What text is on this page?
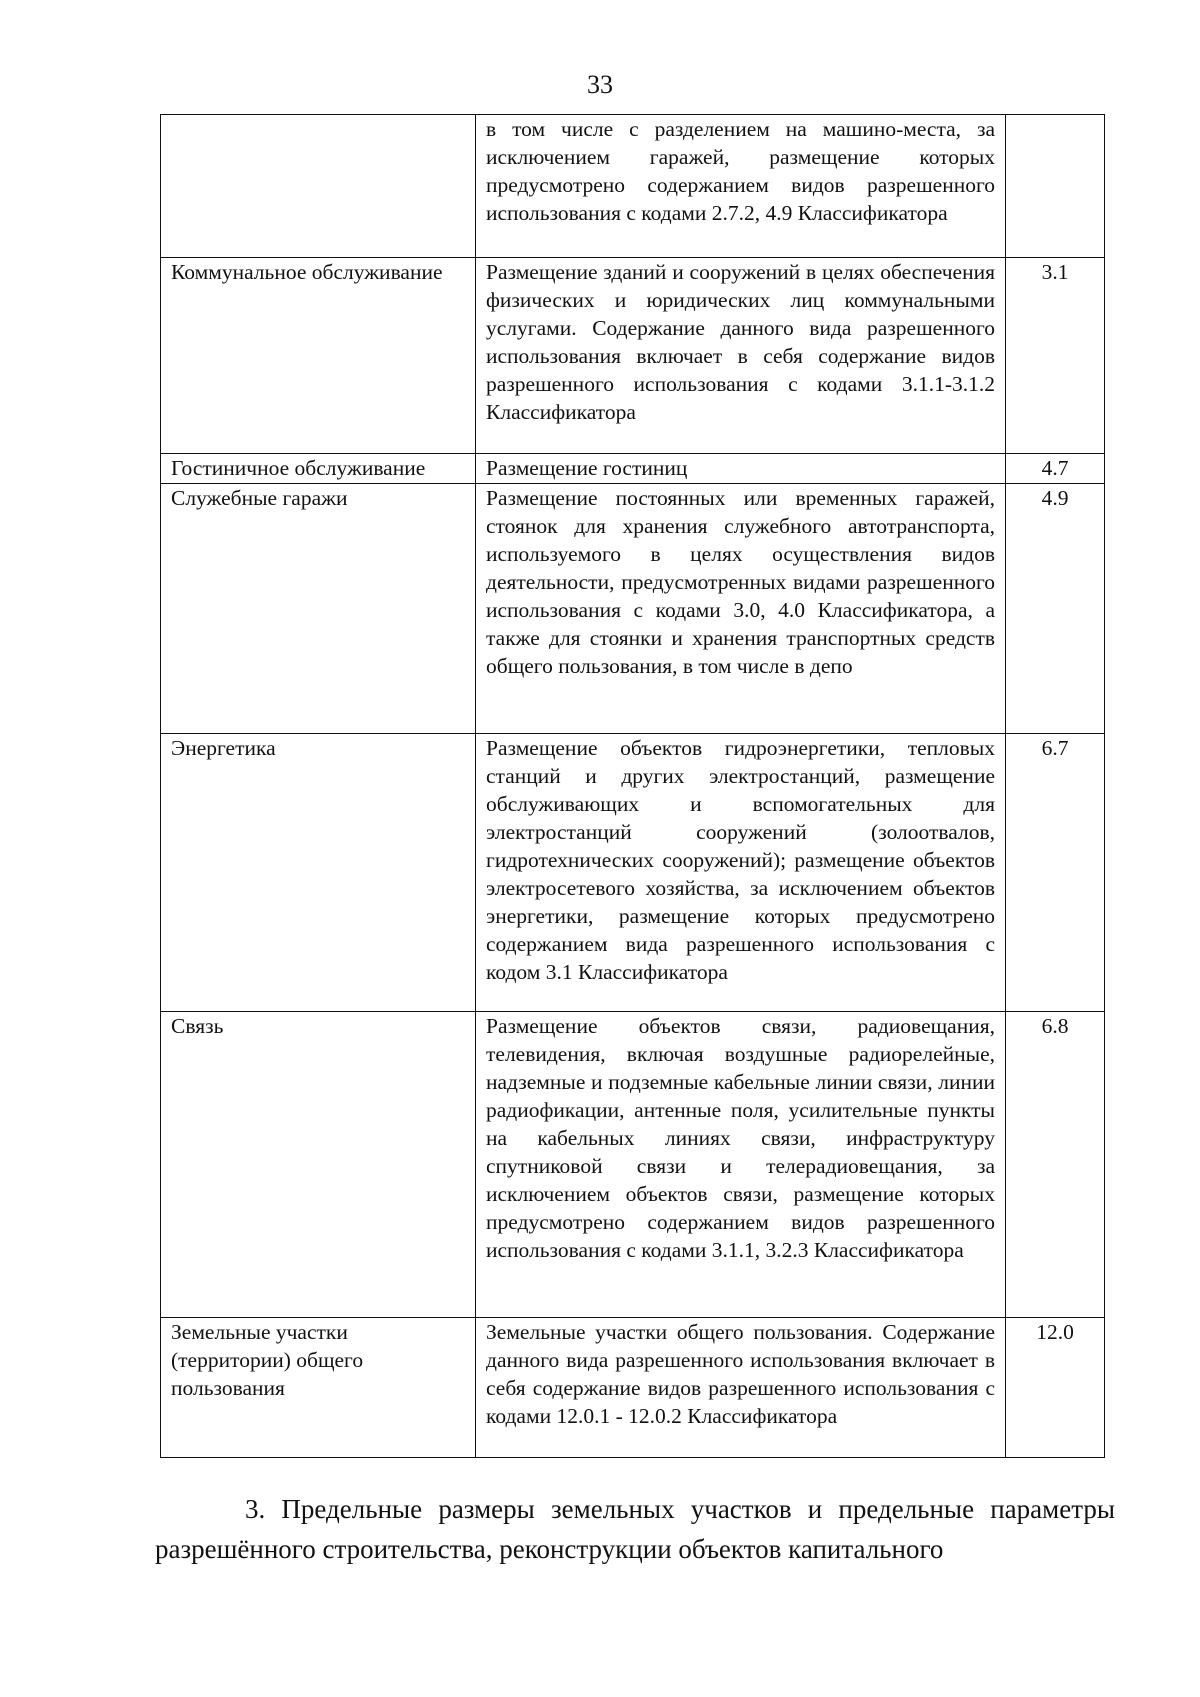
33
	в том числе с разделением на машино-места, за исключением гаражей, размещение которых предусмотрено содержанием видов разрешенного использования с кодами 2.7.2, 4.9 Классификатора	
Коммунальное обслуживание	Размещение зданий и сооружений в целях обеспечения физических и юридических лиц коммунальными услугами. Содержание данного вида разрешенного использования включает в себя содержание видов разрешенного использования с кодами 3.1.1-3.1.2 Классификатора	3.1
Гостиничное обслуживание	Размещение гостиниц	4.7
Служебные гаражи	Размещение постоянных или временных гаражей, стоянок для хранения служебного автотранспорта, используемого в целях осуществления видов деятельности, предусмотренных видами разрешенного использования с кодами 3.0, 4.0 Классификатора, а также для стоянки и хранения транспортных средств общего пользования, в том числе в депо	4.9
Энергетика	Размещение объектов гидроэнергетики, тепловых станций и других электростанций, размещение обслуживающих и вспомогательных для электростанций сооружений (золоотвалов, гидротехнических сооружений); размещение объектов электросетевого хозяйства, за исключением объектов энергетики, размещение которых предусмотрено содержанием вида разрешенного использования с кодом 3.1 Классификатора	6.7
Связь	Размещение объектов связи, радиовещания, телевидения, включая воздушные радиорелейные, надземные и подземные кабельные линии связи, линии радиофикации, антенные поля, усилительные пункты на кабельных линиях связи, инфраструктуру спутниковой связи и телерадиовещания, за исключением объектов связи, размещение которых предусмотрено содержанием видов разрешенного использования с кодами 3.1.1, 3.2.3 Классификатора	6.8
Земельные участки (территории) общего пользования	Земельные участки общего пользования. Содержание данного вида разрешенного использования включает в себя содержание видов разрешенного использования с кодами 12.0.1 - 12.0.2 Классификатора	12.0

3. Предельные размеры земельных участков и предельные параметры разрешённого строительства, реконструкции объектов капитального
